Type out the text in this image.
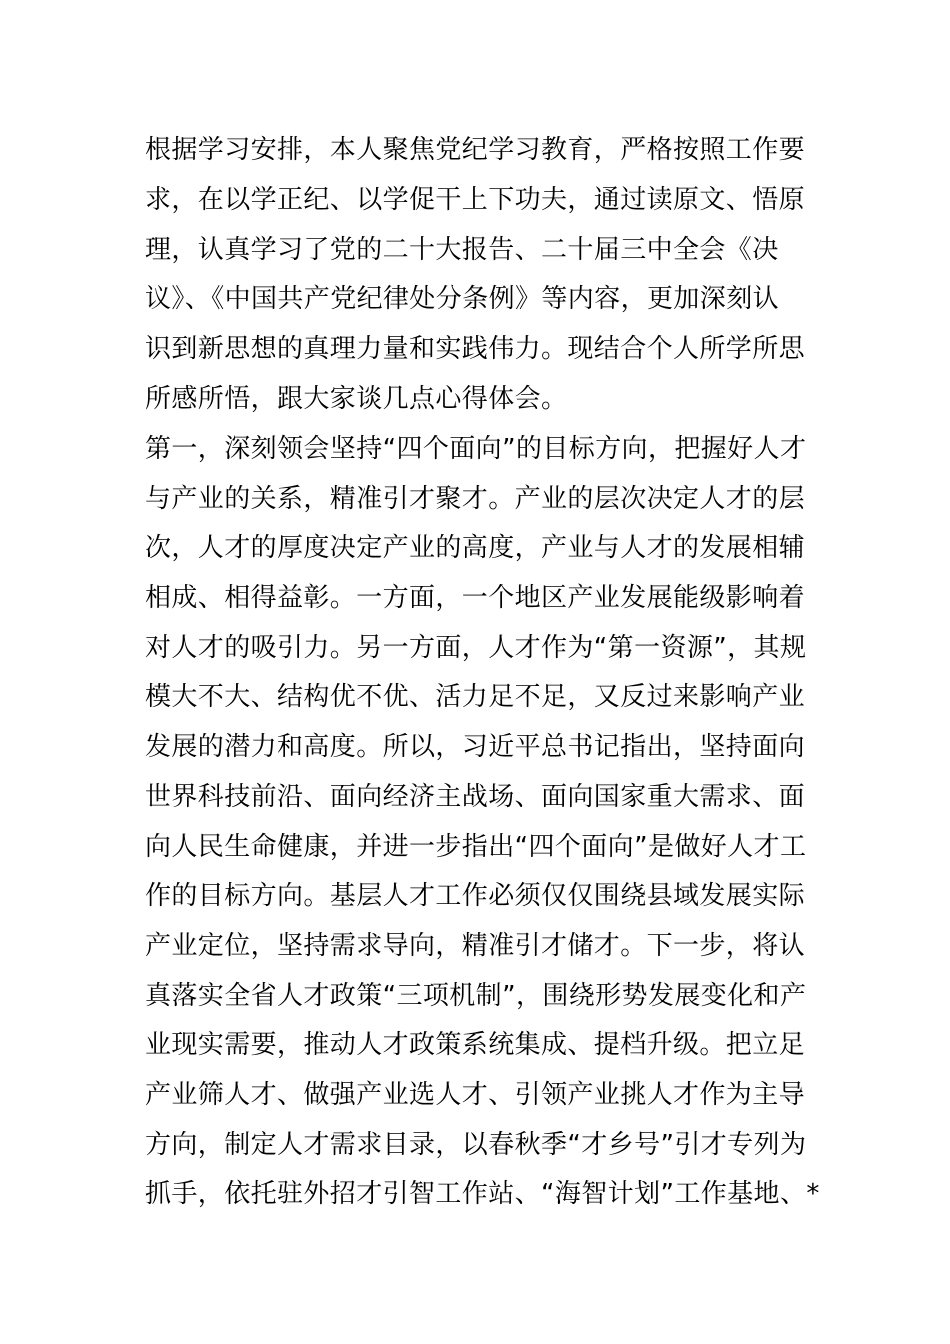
根据学习安排，本人聚焦党纪学习教育，严格按照工作要
求，在以学正纪、以学促干上下功夫，通过读原文、悟原
理，认真学习了党的二十大报告、二十届三中全会《决
议》、《中国共产党纪律处分条例》等内容，更加深刻认
识到新思想的真理力量和实践伟力。现结合个人所学所思
所感所悟，跟大家谈几点心得体会。
第一，深刻领会坚持“四个面向”的目标方向，把握好人才
与产业的关系，精准引才聚才。产业的层次决定人才的层
次，人才的厚度决定产业的高度，产业与人才的发展相辅
相成、相得益彰。一方面，一个地区产业发展能级影响着
对人才的吸引力。另一方面，人才作为“第一资源”，其规
模大不大、结构优不优、活力足不足，又反过来影响产业
发展的潜力和高度。所以，习近平总书记指出，坚持面向
世界科技前沿、面向经济主战场、面向国家重大需求、面
向人民生命健康，并进一步指出“四个面向”是做好人才工
作的目标方向。基层人才工作必须仅仅围绕县域发展实际
产业定位，坚持需求导向，精准引才储才。下一步，将认
真落实全省人才政策“三项机制”，围绕形势发展变化和产
业现实需要，推动人才政策系统集成、提档升级。把立足
产业筛人才、做强产业选人才、引领产业挑人才作为主导
方向，制定人才需求目录，以春秋季“才乡号”引才专列为
抓手，依托驻外招才引智工作站、“海智计划”工作基地、*
